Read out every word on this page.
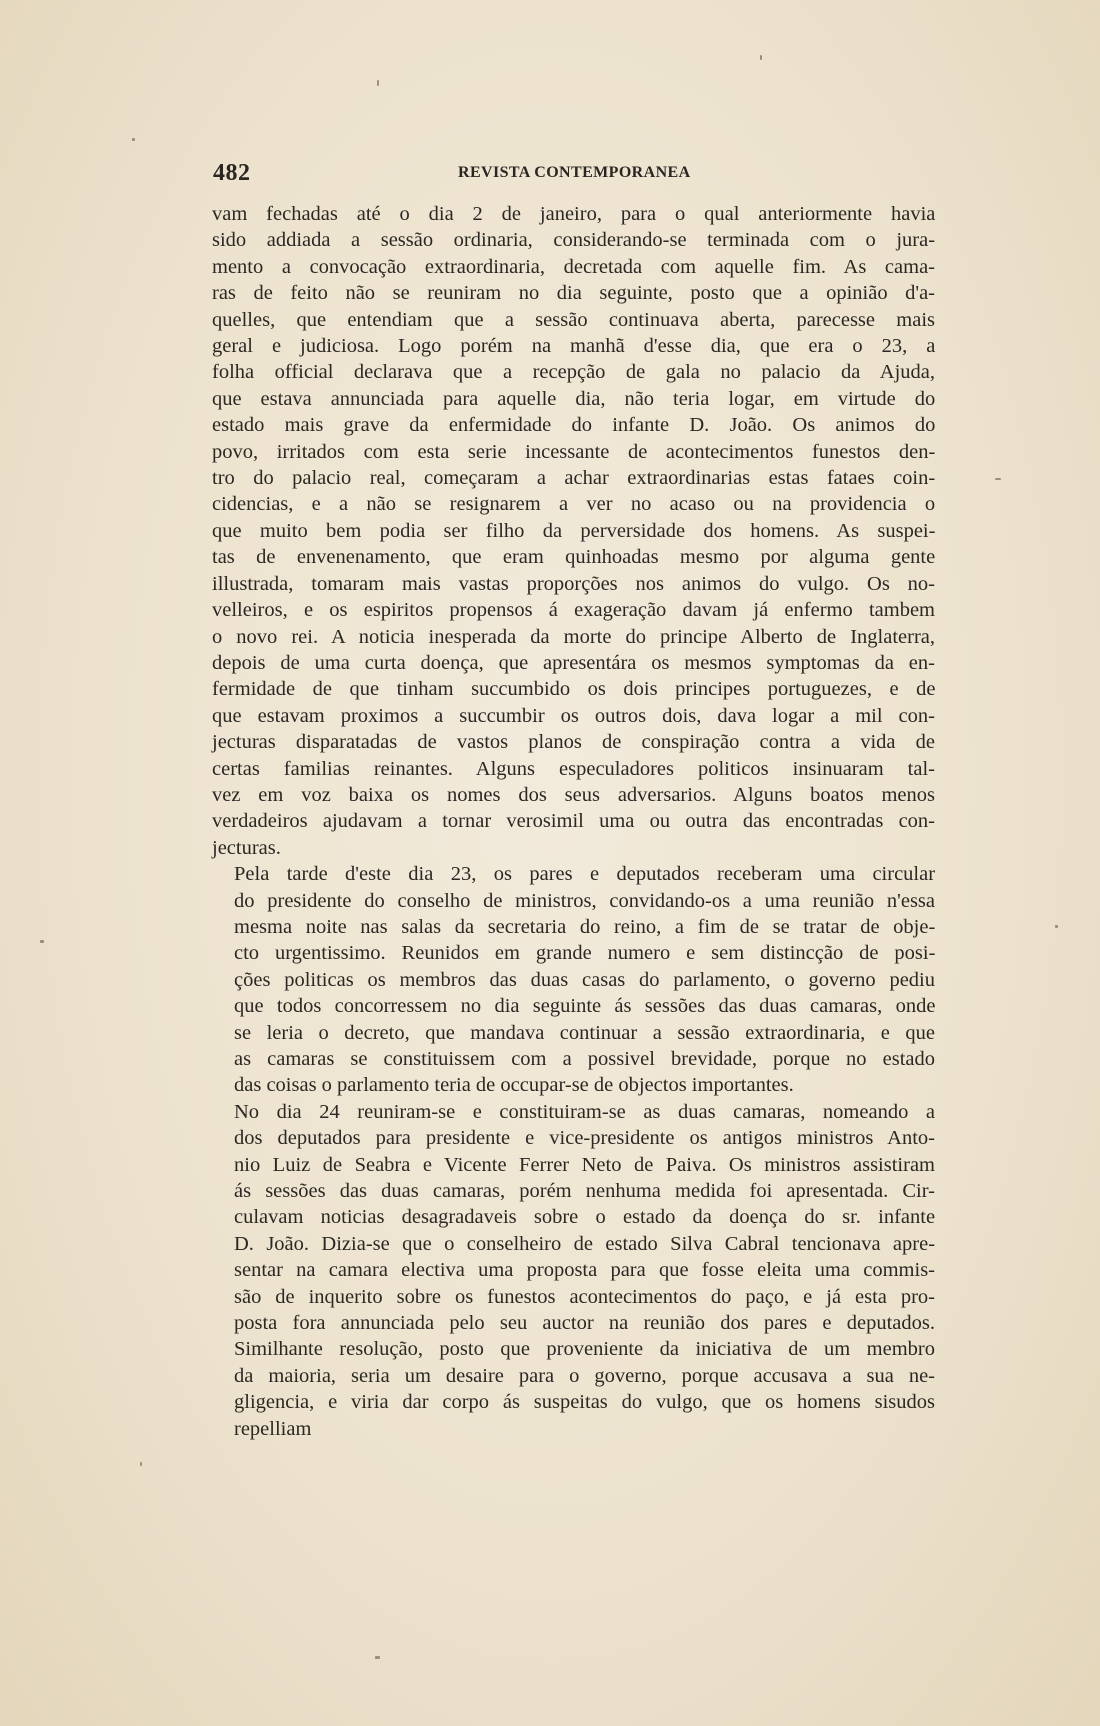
482	REVISTA CONTEMPORANEA

vam fechadas até o dia 2 de janeiro, para o qual anteriormente havia
sido addiada a sessão ordinaria, considerando-se terminada com o jura-
mento a convocação extraordinaria, decretada com aquelle fim. As cama-
ras de feito não se reuniram no dia seguinte, posto que a opinião d'a-
quelles, que entendiam que a sessão continuava aberta, parecesse mais
geral e judiciosa. Logo porém na manhã d'esse dia, que era o 23, a
folha official declarava que a recepção de gala no palacio da Ajuda,
que estava annunciada para aquelle dia, não teria logar, em virtude do
estado mais grave da enfermidade do infante D. João. Os animos do
povo, irritados com esta serie incessante de acontecimentos funestos den-
tro do palacio real, começaram a achar extraordinarias estas fataes coin-
cidencias, e a não se resignarem a ver no acaso ou na providencia o
que muito bem podia ser filho da perversidade dos homens. As suspei-
tas de envenenamento, que eram quinhoadas mesmo por alguma gente
illustrada, tomaram mais vastas proporções nos animos do vulgo. Os no-
velleiros, e os espiritos propensos á exageração davam já enfermo tambem
o novo rei. A noticia inesperada da morte do principe Alberto de Inglaterra,
depois de uma curta doença, que apresentára os mesmos symptomas da en-
fermidade de que tinham succumbido os dois principes portuguezes, e de
que estavam proximos a succumbir os outros dois, dava logar a mil con-
jecturas disparatadas de vastos planos de conspiração contra a vida de
certas familias reinantes. Alguns especuladores politicos insinuaram tal-
vez em voz baixa os nomes dos seus adversarios. Alguns boatos menos
verdadeiros ajudavam a tornar verosimil uma ou outra das encontradas con-
jecturas.

Pela tarde d'este dia 23, os pares e deputados receberam uma circular
do presidente do conselho de ministros, convidando-os a uma reunião n'essa
mesma noite nas salas da secretaria do reino, a fim de se tratar de obje-
cto urgentissimo. Reunidos em grande numero e sem distincção de posi-
ções politicas os membros das duas casas do parlamento, o governo pediu
que todos concorressem no dia seguinte ás sessões das duas camaras, onde
se leria o decreto, que mandava continuar a sessão extraordinaria, e que
as camaras se constituissem com a possivel brevidade, porque no estado
das coisas o parlamento teria de occupar-se de objectos importantes.

No dia 24 reuniram-se e constituiram-se as duas camaras, nomeando a
dos deputados para presidente e vice-presidente os antigos ministros Anto-
nio Luiz de Seabra e Vicente Ferrer Neto de Paiva. Os ministros assistiram
ás sessões das duas camaras, porém nenhuma medida foi apresentada. Cir-
culavam noticias desagradaveis sobre o estado da doença do sr. infante
D. João. Dizia-se que o conselheiro de estado Silva Cabral tencionava apre-
sentar na camara electiva uma proposta para que fosse eleita uma commis-
são de inquerito sobre os funestos acontecimentos do paço, e já esta pro-
posta fora annunciada pelo seu auctor na reunião dos pares e deputados.
Similhante resolução, posto que proveniente da iniciativa de um membro
da maioria, seria um desaire para o governo, porque accusava a sua ne-
gligencia, e viria dar corpo ás suspeitas do vulgo, que os homens sisudos
repelliam
